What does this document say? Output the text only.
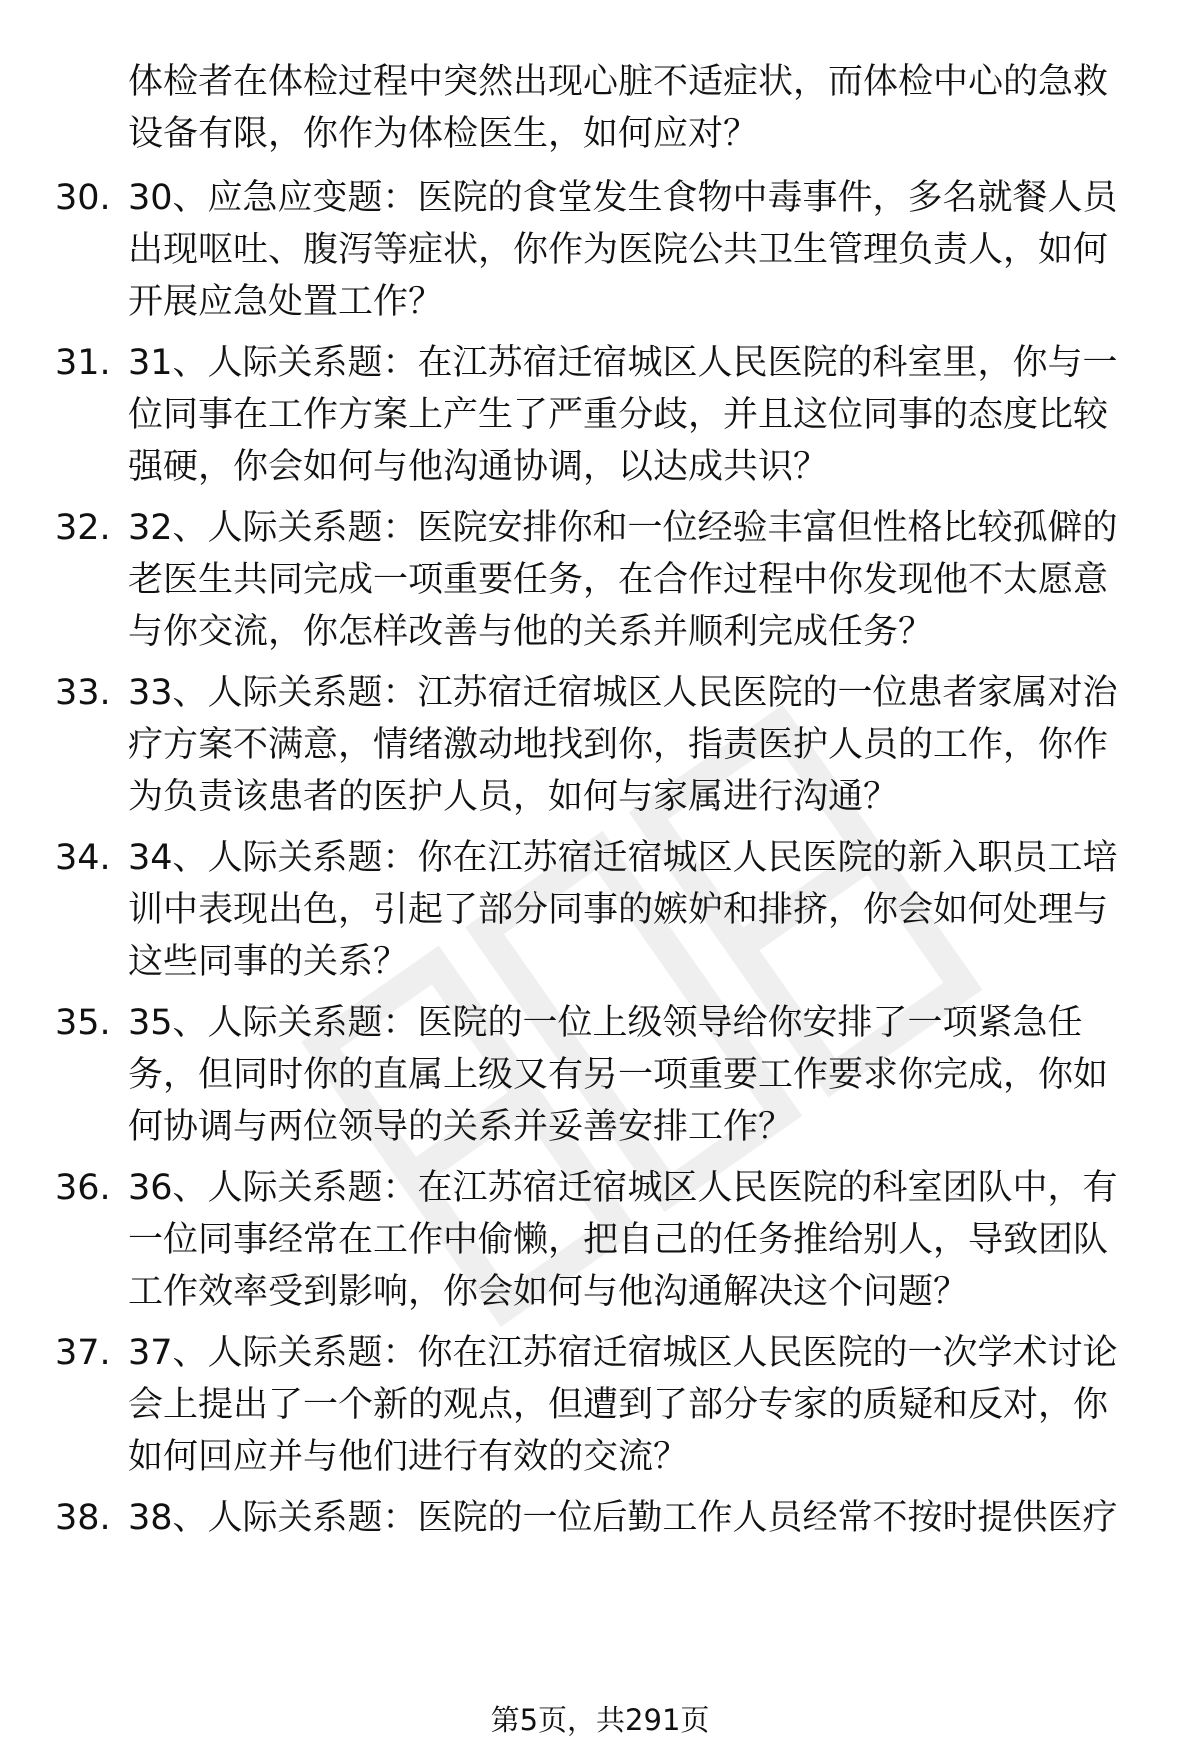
体检者在体检过程中突然出现心脏不适症状，而体检中心的急救
设备有限，你作为体检医生，如何应对？
30. 30、应急应变题：医院的食堂发生食物中毒事件，多名就餐人员
出现呕吐、腹泻等症状，你作为医院公共卫生管理负责人，如何
开展应急处置工作？
31. 31、人际关系题：在江苏宿迁宿城区人民医院的科室里，你与一
位同事在工作方案上产生了严重分歧，并且这位同事的态度比较
强硬，你会如何与他沟通协调，以达成共识？
32. 32、人际关系题：医院安排你和一位经验丰富但性格比较孤僻的
老医生共同完成一项重要任务，在合作过程中你发现他不太愿意
与你交流，你怎样改善与他的关系并顺利完成任务？
33. 33、人际关系题：江苏宿迁宿城区人民医院的一位患者家属对治
疗方案不满意，情绪激动地找到你，指责医护人员的工作，你作
为负责该患者的医护人员，如何与家属进行沟通？
34. 34、人际关系题：你在江苏宿迁宿城区人民医院的新入职员工培
训中表现出色，引起了部分同事的嫉妒和排挤，你会如何处理与
这些同事的关系？
35. 35、人际关系题：医院的一位上级领导给你安排了一项紧急任
务，但同时你的直属上级又有另一项重要工作要求你完成，你如
何协调与两位领导的关系并妥善安排工作？
36. 36、人际关系题：在江苏宿迁宿城区人民医院的科室团队中，有
一位同事经常在工作中偷懒，把自己的任务推给别人，导致团队
工作效率受到影响，你会如何与他沟通解决这个问题？
37. 37、人际关系题：你在江苏宿迁宿城区人民医院的一次学术讨论
会上提出了一个新的观点，但遭到了部分专家的质疑和反对，你
如何回应并与他们进行有效的交流？
38. 38、人际关系题：医院的一位后勤工作人员经常不按时提供医疗
第5页，共291页
